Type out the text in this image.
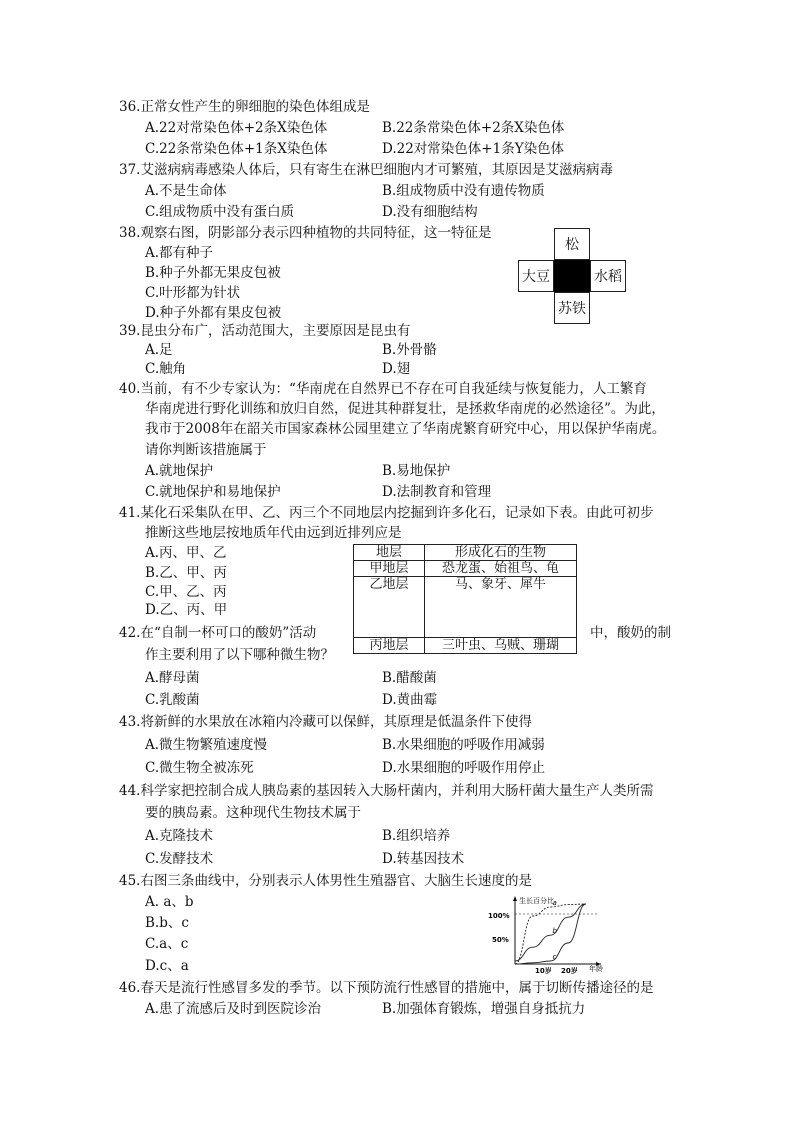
36.正常女性产生的卵细胞的染色体组成是
A.22对常染色体+2条X染色体	B.22条常染色体+2条X染色体
C.22条常染色体+1条X染色体	D.22对常染色体+1条Y染色体
37.艾滋病病毒感染人体后，只有寄生在淋巴细胞内才可繁殖，其原因是艾滋病病毒
A.不是生命体	B.组成物质中没有遗传物质
C.组成物质中没有蛋白质	D.没有细胞结构
38.观察右图，阴影部分表示四种植物的共同特征，这一特征是
A.都有种子
B.种子外都无果皮包被
C.叶形都为针状
D.种子外都有果皮包被
松
大豆	水稻
苏铁
39.昆虫分布广，活动范围大，主要原因是昆虫有
A.足	B.外骨骼
C.触角	D.翅
40.当前，有不少专家认为：“华南虎在自然界已不存在可自我延续与恢复能力，人工繁育
华南虎进行野化训练和放归自然，促进其种群复壮，是拯救华南虎的必然途径”。为此，
我市于2008年在韶关市国家森林公园里建立了华南虎繁育研究中心，用以保护华南虎。
请你判断该措施属于
A.就地保护	B.易地保护
C.就地保护和易地保护	D.法制教育和管理
41.某化石采集队在甲、乙、丙三个不同地层内挖掘到许多化石，记录如下表。由此可初步
推断这些地层按地质年代由远到近排列应是
A.丙、甲、乙
B.乙、甲、丙
C.甲、乙、丙
D.乙、丙、甲
地层	形成化石的生物
甲地层	恐龙蛋、始祖鸟、龟
乙地层	马、象牙、犀牛
丙地层	三叶虫、乌贼、珊瑚
42.在“自制一杯可口的酸奶”活动	中，酸奶的制
作主要利用了以下哪种微生物？
A.酵母菌	B.醋酸菌
C.乳酸菌	D.黄曲霉
43.将新鲜的水果放在冰箱内冷藏可以保鲜，其原理是低温条件下使得
A.微生物繁殖速度慢	B.水果细胞的呼吸作用减弱
C.微生物全被冻死	D.水果细胞的呼吸作用停止
44.科学家把控制合成人胰岛素的基因转入大肠杆菌内，并利用大肠杆菌大量生产人类所需
要的胰岛素。这种现代生物技术属于
A.克隆技术	B.组织培养
C.发酵技术	D.转基因技术
45.右图三条曲线中，分别表示人体男性生殖器官、大脑生长速度的是
A. a、b
B.b、c
C.a、c
D.c、a
生长百分比
年龄
100%
50%
10岁 20岁
a
b
c
46.春天是流行性感冒多发的季节。以下预防流行性感冒的措施中，属于切断传播途径的是
A.患了流感后及时到医院诊治	B.加强体育锻炼，增强自身抵抗力
